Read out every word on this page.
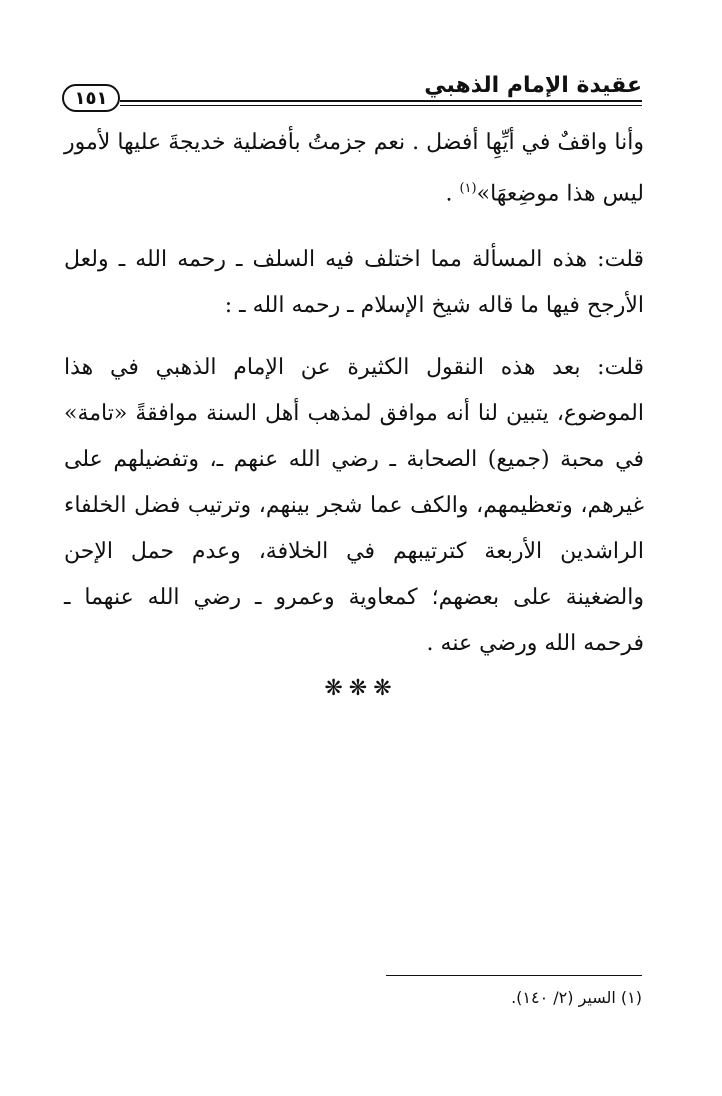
عقيدة الإمام الذهبي
١٥١

وأنا واقفٌ في أيِّهِا أفضل . نعم جزمتُ بأفضلية خديجةَ عليها لأمور ليس هذا موضِعهَا»$^{(١)}$ .

قلت: هذه المسألة مما اختلف فيه السلف ـ رحمه الله ـ ولعل الأرجح فيها ما قاله شيخ الإسلام ـ رحمه الله ـ :

قلت: بعد هذه النقول الكثيرة عن الإمام الذهبي في هذا الموضوع، يتبين لنا أنه موافق لمذهب أهل السنة موافقةً «تامة» في محبة (جميع) الصحابة ـ رضي الله عنهم ـ، وتفضيلهم على غيرهم، وتعظيمهم، والكف عما شجر بينهم، وترتيب فضل الخلفاء الراشدين الأربعة كترتيبهم في الخلافة، وعدم حمل الإحن والضغينة على بعضهم؛ كمعاوية وعمرو ـ رضي الله عنهما ـ فرحمه الله ورضي عنه .

❋❋❋
(١) السير (٢/ ١٤٠).
